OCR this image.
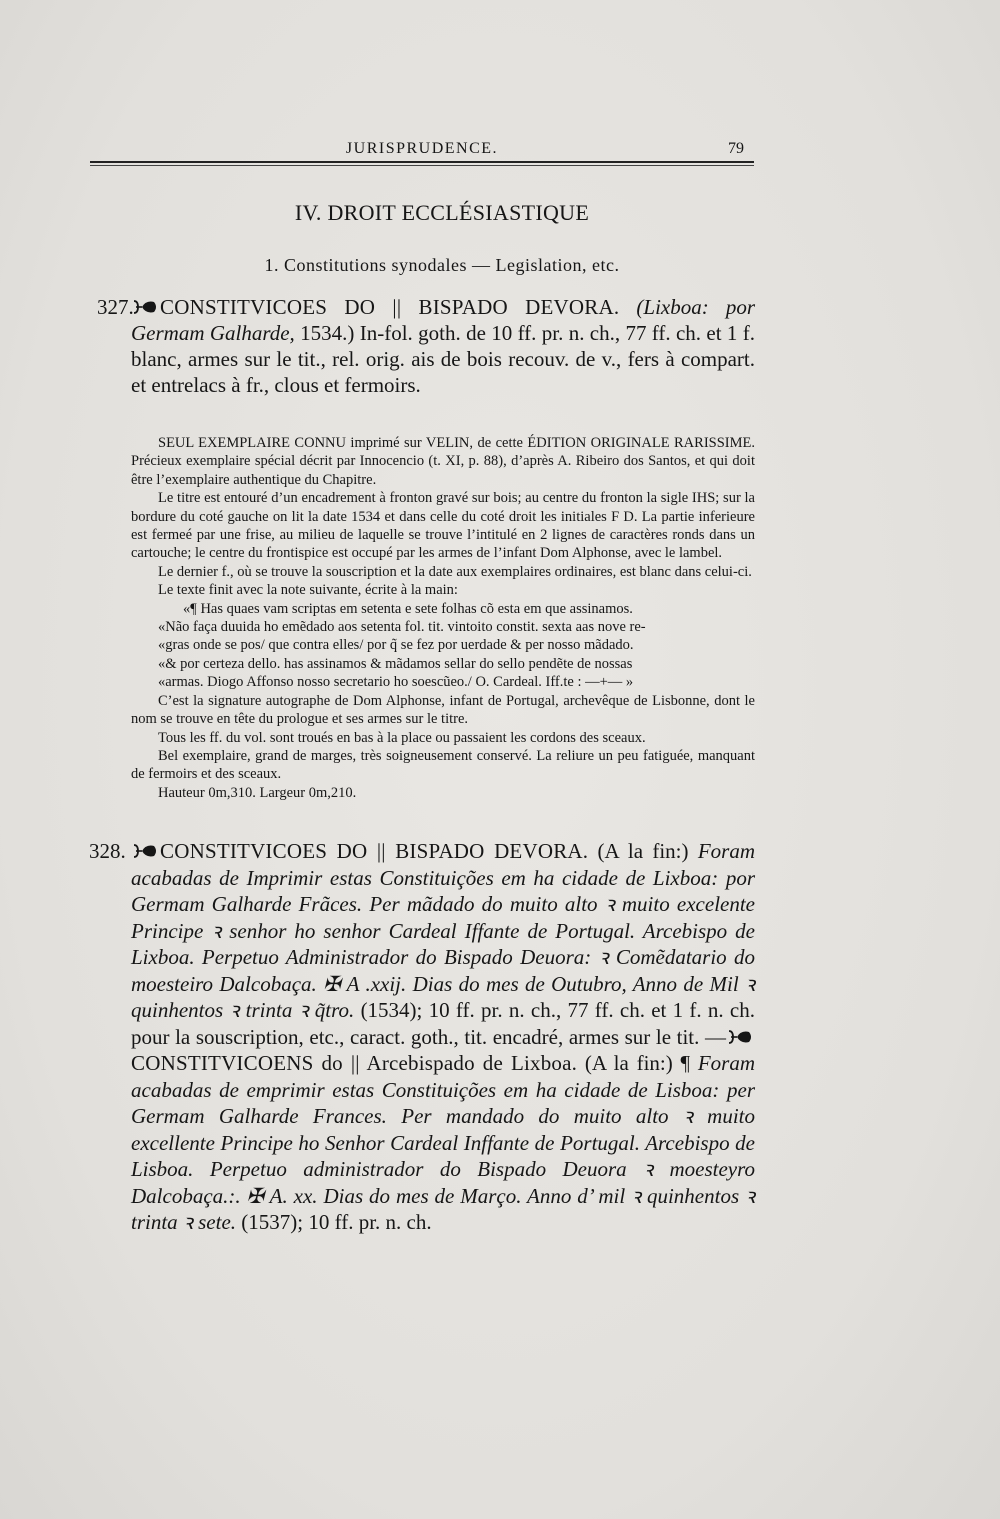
JURISPRUDENCE.	79
IV. DROIT ECCLÉSIASTIQUE
1. Constitutions synodales — Legislation, etc.
327. CONSTITVICOES DO || BISPADO DEVORA. (Lixboa: por Germam Galharde, 1534.) In-fol. goth. de 10 ff. pr. n. ch., 77 ff. ch. et 1 f. blanc, armes sur le tit., rel. orig. ais de bois recouv. de v., fers à compart. et entrelacs à fr., clous et fermoirs.

SEUL EXEMPLAIRE CONNU imprimé sur VELIN, de cette ÉDITION ORIGINALE RARISSIME. Précieux exemplaire spécial décrit par Innocencio (t. XI, p. 88), d’après A. Ribeiro dos Santos, et qui doit être l’exemplaire authentique du Chapitre.

Le titre est entouré d’un encadrement à fronton gravé sur bois; au centre du fronton la sigle IHS; sur la bordure du coté gauche on lit la date 1534 et dans celle du coté droit les initiales F D. La partie inferieure est fermeé par une frise, au milieu de laquelle se trouve l’intitulé en 2 lignes de caractères ronds dans un cartouche; le centre du frontispice est occupé par les armes de l’infant Dom Alphonse, avec le lambel.

Le dernier f., où se trouve la souscription et la date aux exemplaires ordinaires, est blanc dans celui-ci.

Le texte finit avec la note suivante, écrite à la main:

«¶ Has quaes vam scriptas em setenta e sete folhas cõ esta em que assinamos.

«Não faça duuida ho emẽdado aos setenta fol. tit. vintoito constit. sexta aas nove re-

«gras onde se pos/ que contra elles/ por q̃ se fez por uerdade & per nosso mãdado.

«& por certeza dello. has assinamos & mãdamos sellar do sello pendẽte de nossas

«armas. Diogo Affonso nosso secretario ho soescũeo./ O. Cardeal. Iff.te : —+— »

C’est la signature autographe de Dom Alphonse, infant de Portugal, archevêque de Lisbonne, dont le nom se trouve en tête du prologue et ses armes sur le titre.

Tous les ff. du vol. sont troués en bas à la place ou passaient les cordons des sceaux.

Bel exemplaire, grand de marges, très soigneusement conservé. La reliure un peu fatiguée, manquant de fermoirs et des sceaux.

Hauteur 0m,310. Largeur 0m,210.

328. CONSTITVICOES DO || BISPADO DEVORA. (A la fin:) Foram acabadas de Imprimir estas Constituições em ha cidade de Lixboa: por Germam Galharde Frãces. Per mãdado do muito alto ꝛ muito excelente Principe ꝛ senhor ho senhor Cardeal Iffante de Portugal. Arcebispo de Lixboa. Perpetuo Administrador do Bispado Deuora: ꝛ Comẽdatario do moesteiro Dalcobaça. ✠ A .xxij. Dias do mes de Outubro, Anno de Mil ꝛ quinhentos ꝛ trinta ꝛ q̃tro. (1534); 10 ff. pr. n. ch., 77 ff. ch. et 1 f. n. ch. pour la souscription, etc., caract. goth., tit. encadré, armes sur le tit. —CONSTITVICOENS do || Arcebispado de Lixboa. (A la fin:) ¶ Foram acabadas de emprimir estas Constituições em ha cidade de Lisboa: per Germam Galharde Frances. Per mandado do muito alto ꝛ muito excellente Principe ho Senhor Cardeal Inffante de Portugal. Arcebispo de Lisboa. Perpetuo administrador do Bispado Deuora ꝛ moesteyro Dalcobaça.:. ✠ A. xx. Dias do mes de Março. Anno d’ mil ꝛ quinhentos ꝛ trinta ꝛ sete. (1537); 10 ff. pr. n. ch.
